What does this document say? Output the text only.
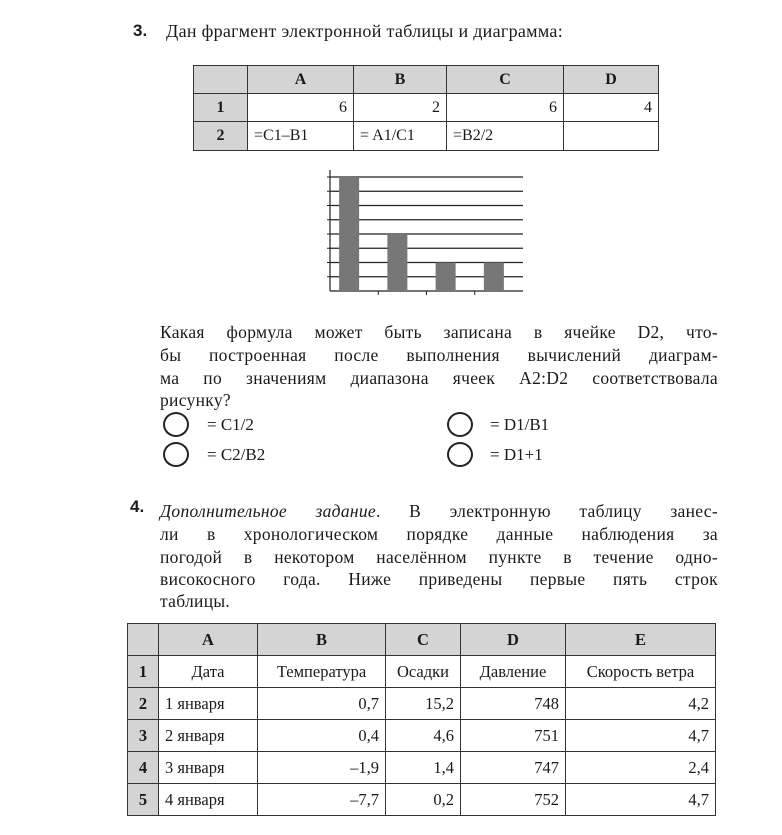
3. Дан фрагмент электронной таблицы и диаграмма:
	A	B	C	D
1	6	2	6	4
2	=C1–B1	= A1/C1	=B2/2	
Какая формула может быть записана в ячейке D2, что-
бы построенная после выполнения вычислений диаграм-
ма по значениям диапазона ячеек A2:D2 соответствовала
рисунку?
= C1/2	= D1/B1
= C2/B2	= D1+1
4. Дополнительное задание. В электронную таблицу занес-
ли в хронологическом порядке данные наблюдения за
погодой в некотором населённом пункте в течение одно-
високосного года. Ниже приведены первые пять строк
таблицы.
	A	B	C	D	E
1	Дата	Температура	Осадки	Давление	Скорость ветра
2	1 января	0,7	15,2	748	4,2
3	2 января	0,4	4,6	751	4,7
4	3 января	–1,9	1,4	747	2,4
5	4 января	–7,7	0,2	752	4,7
